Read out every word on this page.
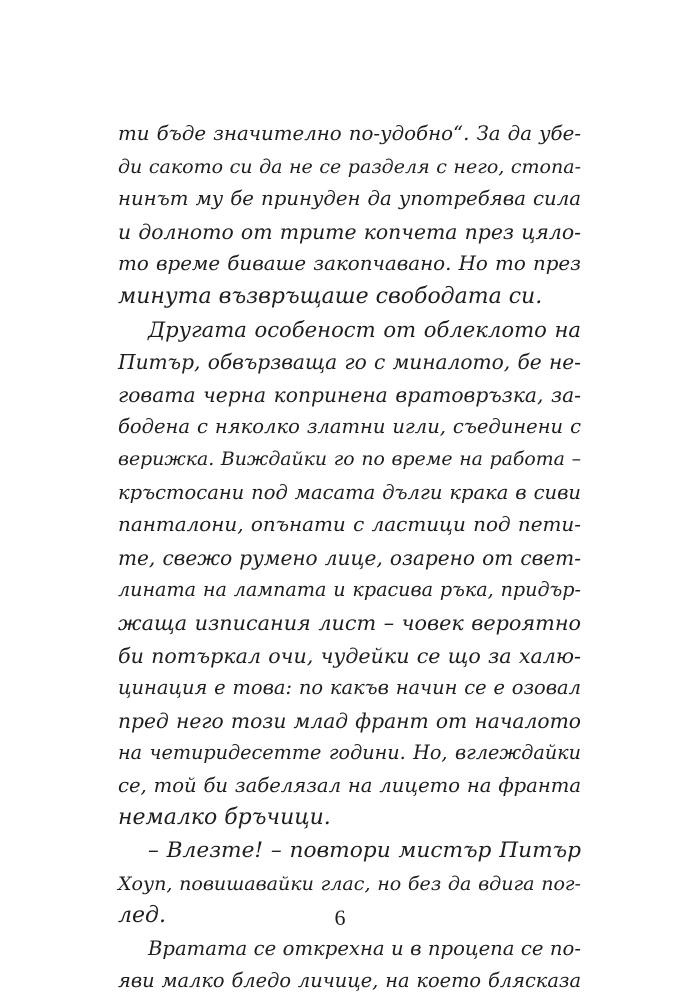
ти бъде значително по-удобно“. За да убе-
ди сакото си да не се разделя с него, стопа-
нинът му бе принуден да употребява сила
и долното от трите копчета през цяло-
то време биваше закопчавано. Но то през
минута възвръщаше свободата си.
Другата особеност от облеклото на
Питър, обвързваща го с миналото, бе не-
говата черна копринена вратовръзка, за-
бодена с няколко златни игли, съединени с
верижка. Виждайки го по време на работа –
кръстосани под масата дълги крака в сиви
панталони, опънати с ластици под пети-
те, свежо румено лице, озарено от свет-
лината на лампата и красива ръка, придър-
жаща изписания лист – човек вероятно
би потъркал очи, чудейки се що за халю-
цинация е това: по какъв начин се е озовал
пред него този млад франт от началото
на четиридесетте години. Но, вглеждайки
се, той би забелязал на лицето на франта
немалко бръчици.
– Влезте! – повтори мистър Питър
Хоуп, повишавайки глас, но без да вдига пог-
лед.
Вратата се открехна и в процепа се по-
яви малко бледо личице, на което блясказа
6
